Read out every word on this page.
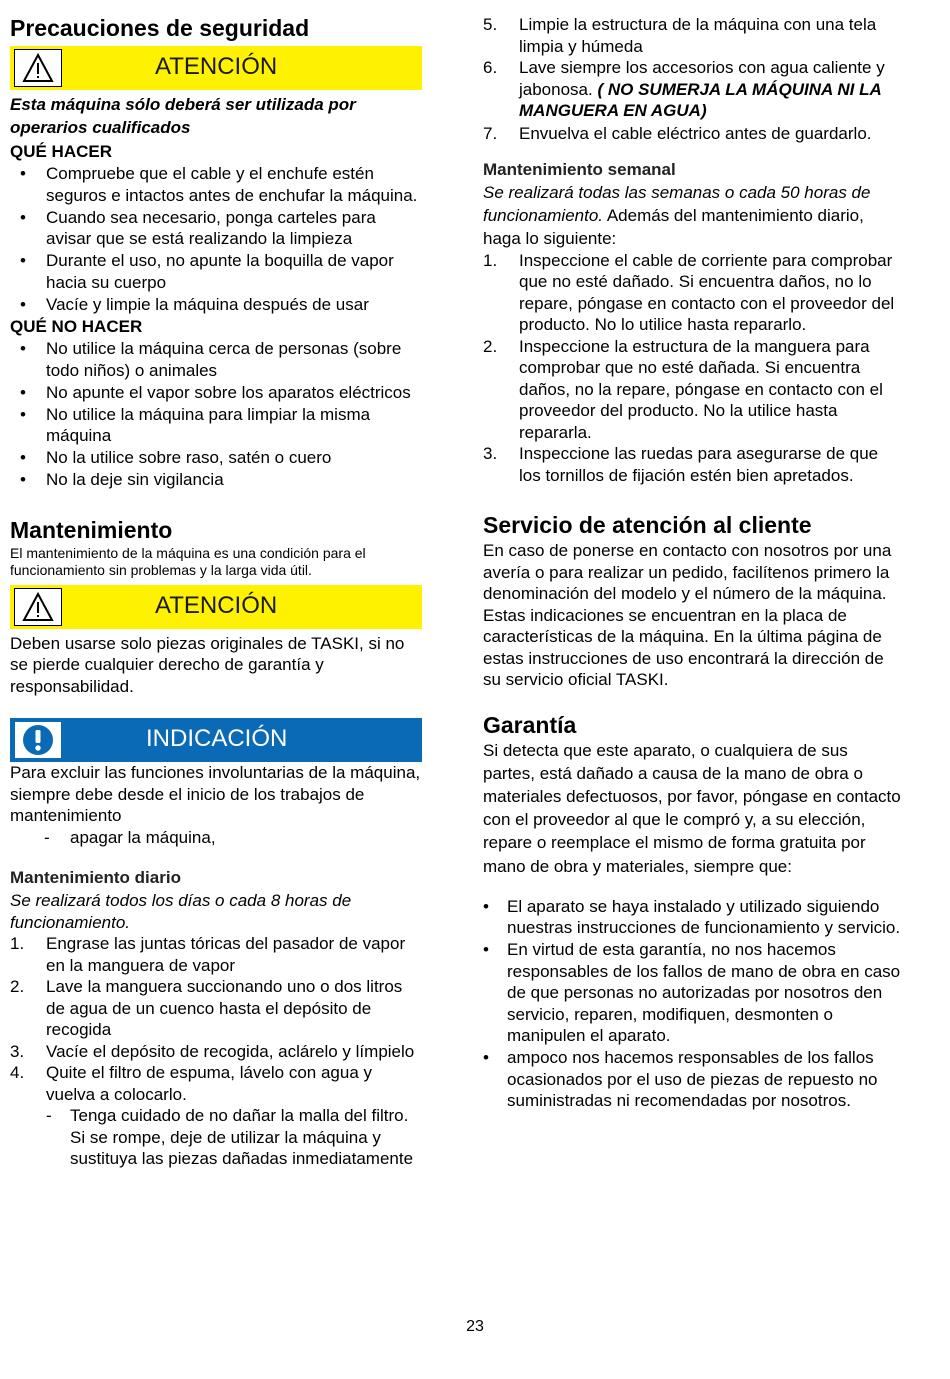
Precauciones de seguridad
ATENCIÓN

Esta máquina sólo deberá ser utilizada por operarios cualificados

QUÉ HACER

• Compruebe que el cable y el enchufe estén seguros e intactos antes de enchufar la máquina.
• Cuando sea necesario, ponga carteles para avisar que se está realizando la limpieza
• Durante el uso, no apunte la boquilla de vapor hacia su cuerpo
• Vacíe y limpie la máquina después de usar

QUÉ NO HACER

• No utilice la máquina cerca de personas (sobre todo niños) o animales
• No apunte el vapor sobre los aparatos eléctricos
• No utilice la máquina para limpiar la misma máquina
• No la utilice sobre raso, satén o cuero
• No la deje sin vigilancia
Mantenimiento

El mantenimiento de la máquina es una condición para el funcionamiento sin problemas y la larga vida útil.

ATENCIÓN

Deben usarse solo piezas originales de TASKI, si no se pierde cualquier derecho de garantía y responsabilidad.

INDICACIÓN

Para excluir las funciones involuntarias de la máquina, siempre debe desde el inicio de los trabajos de mantenimiento

- apagar la máquina,

Mantenimiento diario

Se realizará todos los días o cada 8 horas de funcionamiento.

1. Engrase las juntas tóricas del pasador de vapor en la manguera de vapor
2. Lave la manguera succionando uno o dos litros de agua de un cuenco hasta el depósito de recogida
3. Vacíe el depósito de recogida, aclárelo y límpielo
4. Quite el filtro de espuma, lávelo con agua y vuelva a colocarlo.

- Tenga cuidado de no dañar la malla del filtro. Si se rompe, deje de utilizar la máquina y sustituya las piezas dañadas inmediatamente

5. Limpie la estructura de la máquina con una tela limpia y húmeda
6. Lave siempre los accesorios con agua caliente y jabonosa. ( NO SUMERJA LA MÁQUINA NI LA MANGUERA EN AGUA)
7. Envuelva el cable eléctrico antes de guardarlo.

Mantenimiento semanal

Se realizará todas las semanas o cada 50 horas de funcionamiento. Además del mantenimiento diario, haga lo siguiente:

1. Inspeccione el cable de corriente para comprobar que no esté dañado. Si encuentra daños, no lo repare, póngase en contacto con el proveedor del producto. No lo utilice hasta repararlo.
2. Inspeccione la estructura de la manguera para comprobar que no esté dañada. Si encuentra daños, no la repare, póngase en contacto con el proveedor del producto. No la utilice hasta repararla.
3. Inspeccione las ruedas para asegurarse de que los tornillos de fijación estén bien apretados.
Servicio de atención al cliente

En caso de ponerse en contacto con nosotros por una avería o para realizar un pedido, facilítenos primero la denominación del modelo y el número de la máquina. Estas indicaciones se encuentran en la placa de características de la máquina. En la última página de estas instrucciones de uso encontrará la dirección de su servicio oficial TASKI.

Garantía

Si detecta que este aparato, o cualquiera de sus partes, está dañado a causa de la mano de obra o materiales defectuosos, por favor, póngase en contacto con el proveedor al que le compró y, a su elección, repare o reemplace el mismo de forma gratuita por mano de obra y materiales, siempre que:

• El aparato se haya instalado y utilizado siguiendo nuestras instrucciones de funcionamiento y servicio.
• En virtud de esta garantía, no nos hacemos responsables de los fallos de mano de obra en caso de que personas no autorizadas por nosotros den servicio, reparen, modifiquen, desmonten o manipulen el aparato.
• ampoco nos hacemos responsables de los fallos ocasionados por el uso de piezas de repuesto no suministradas ni recomendadas por nosotros.
23
